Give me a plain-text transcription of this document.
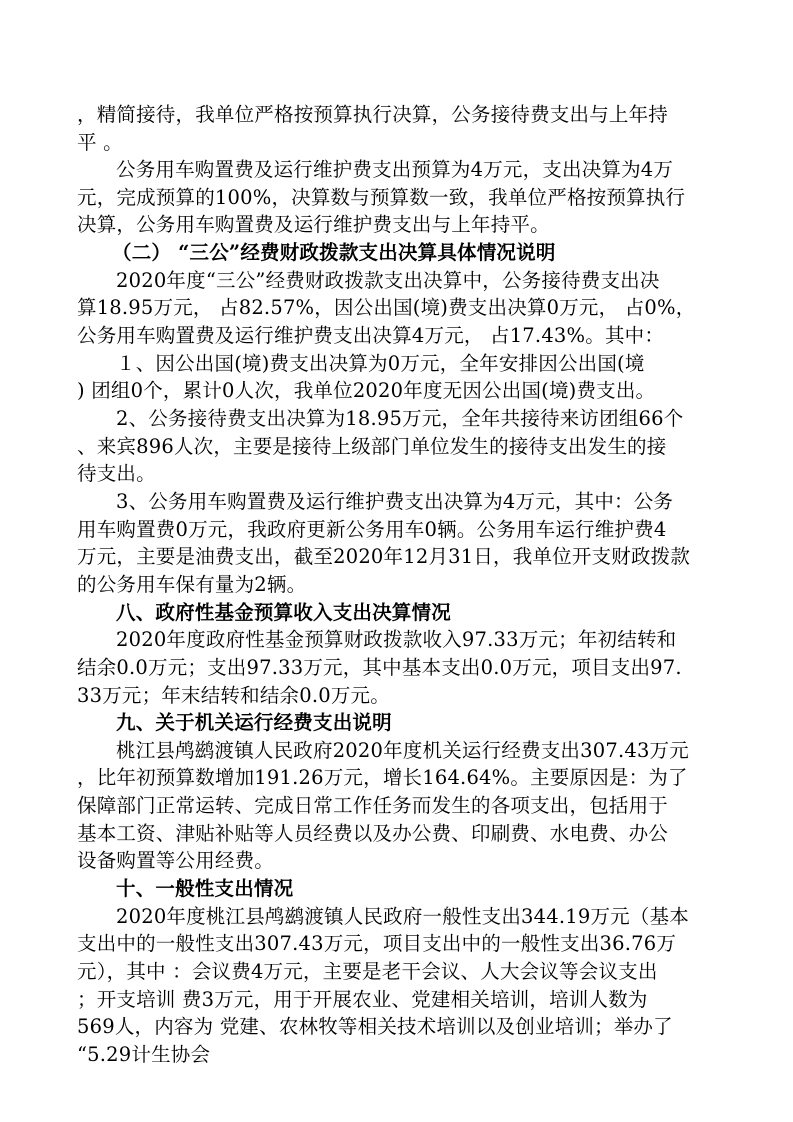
，精简接待，我单位严格按预算执行决算，公务接待费支出与上年持
平 。
公务用车购置费及运行维护费支出预算为4万元，支出决算为4万
元，完成预算的100%，决算数与预算数一致，我单位严格按预算执行
决算，公务用车购置费及运行维护费支出与上年持平。
（二） “三公”经费财政拨款支出决算具体情况说明
2020年度“三公”经费财政拨款支出决算中，公务接待费支出决
算18.95万元， 占82.57%，因公出国(境)费支出决算0万元， 占0%，
公务用车购置费及运行维护费支出决算4万元， 占17.43%。其中：
１、因公出国(境)费支出决算为0万元，全年安排因公出国(境
) 团组0个，累计0人次，我单位2020年度无因公出国(境)费支出。
2、公务接待费支出决算为18.95万元，全年共接待来访团组66个
、来宾896人次，主要是接待上级部门单位发生的接待支出发生的接
待支出。
3、公务用车购置费及运行维护费支出决算为4万元，其中：公务
用车购置费0万元，我政府更新公务用车0辆。公务用车运行维护费4
万元，主要是油费支出，截至2020年12月31日，我单位开支财政拨款
的公务用车保有量为2辆。
八、政府性基金预算收入支出决算情况
2020年度政府性基金预算财政拨款收入97.33万元；年初结转和
结余0.0万元；支出97.33万元，其中基本支出0.0万元，项目支出97.
33万元；年末结转和结余0.0万元。
九、关于机关运行经费支出说明
桃江县鸬鹚渡镇人民政府2020年度机关运行经费支出307.43万元
，比年初预算数增加191.26万元，增长164.64%。主要原因是：为了
保障部门正常运转、完成日常工作任务而发生的各项支出，包括用于
基本工资、津贴补贴等人员经费以及办公费、印刷费、水电费、办公
设备购置等公用经费。
十、一般性支出情况
2020年度桃江县鸬鹚渡镇人民政府一般性支出344.19万元（基本
支出中的一般性支出307.43万元，项目支出中的一般性支出36.76万
元），其中 ：会议费4万元，主要是老干会议、人大会议等会议支出
；开支培训 费3万元，用于开展农业、党建相关培训，培训人数为
569人，内容为 党建、农林牧等相关技术培训以及创业培训；举办了
“5.29计生协会
